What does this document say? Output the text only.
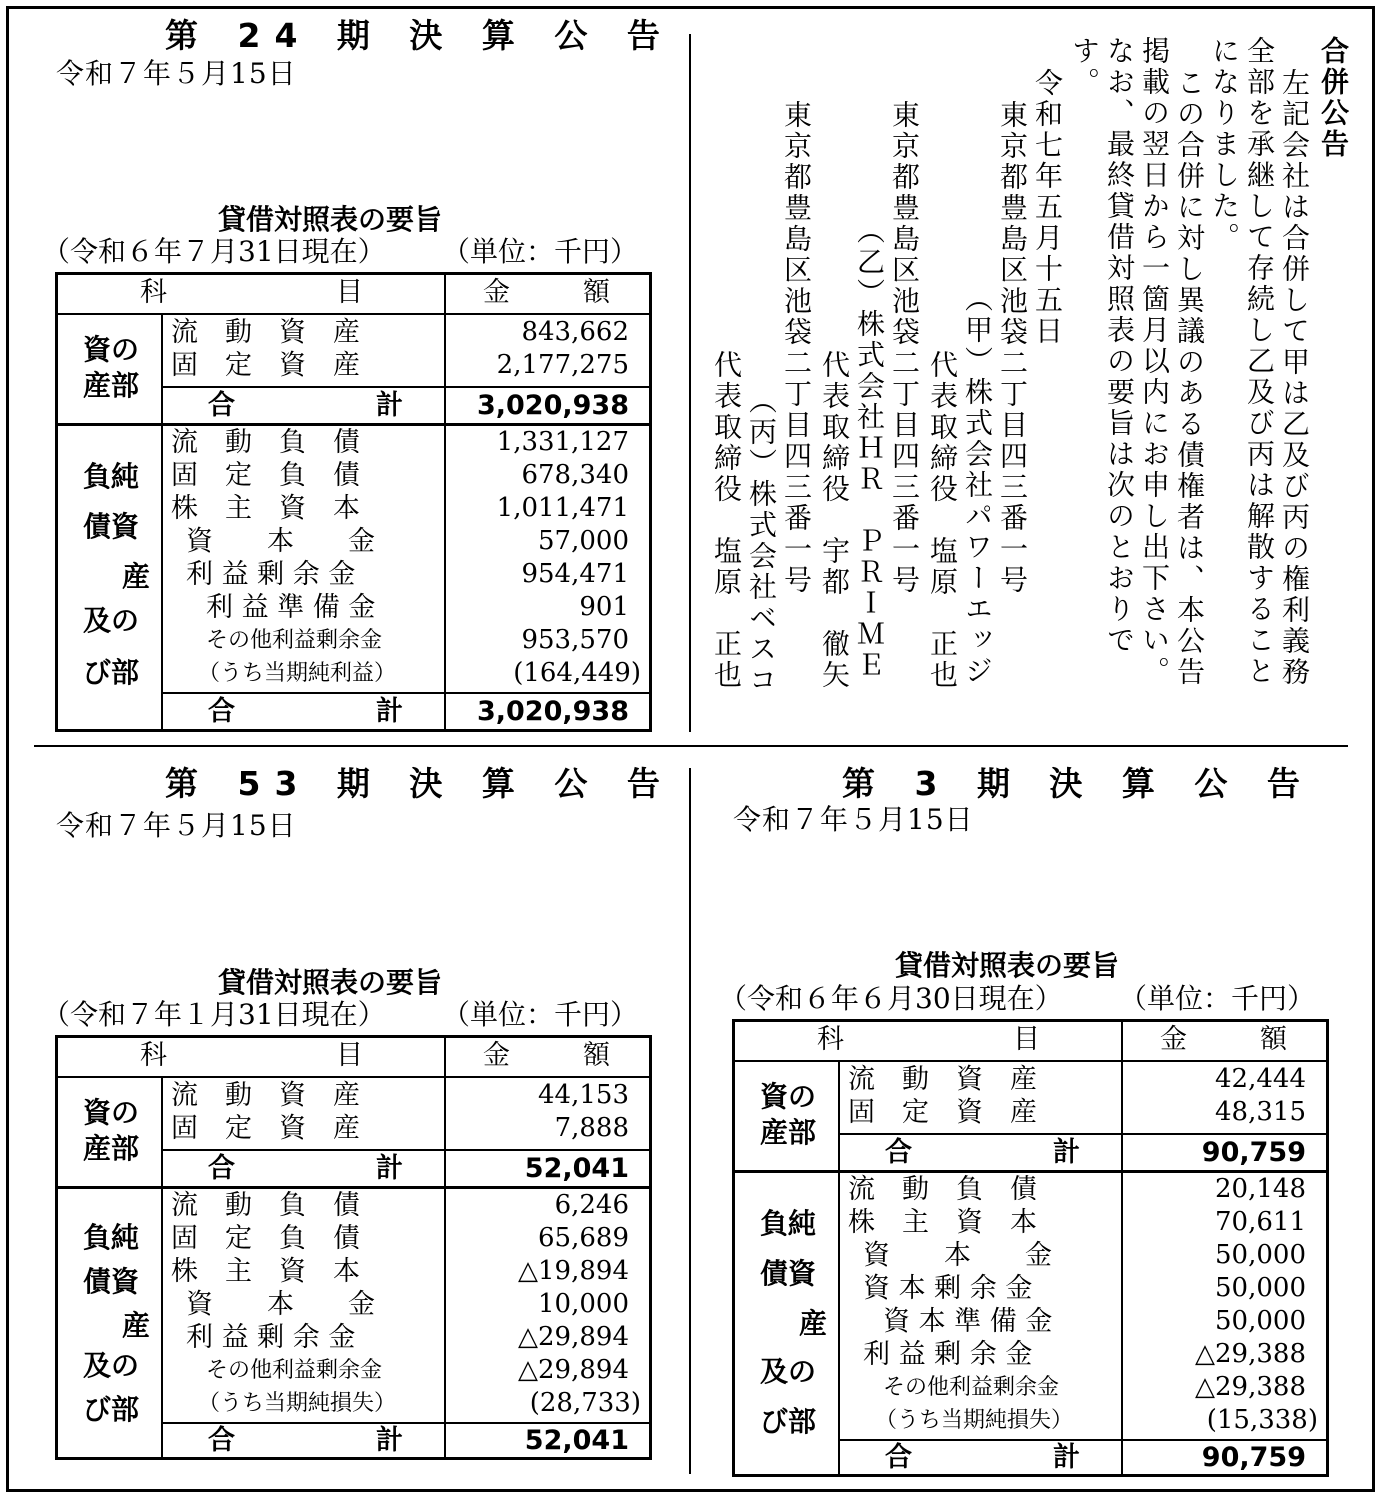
第 24 期 決 算 公 告
令和７年５月15日
貸借対照表の要旨
（令和６年７月31日現在） （単位：千円）
科	目	金	額
資の
産部
流　動　資　産	843,662
固　定　資　産	2,177,275
合	計	3,020,938
負純
債資
産
及の
び部
流　動　負　債	1,331,127
固　定　負　債	678,340
株　主　資　本	1,011,471
資　　本　　金	57,000
利 益 剰 余 金	954,471
利 益 準 備 金	901
その他利益剰余金	953,570
（うち当期純利益）	(164,449)
合	計	3,020,938
合併公告
左記会社は合併して甲は乙及び丙の権利義務
全部を承継して存続し乙及び丙は解散すること
になりました。
この合併に対し異議のある債権者は、本公告
掲載の翌日から一箇月以内にお申し出下さい。
なお、最終貸借対照表の要旨は次のとおりで
す。
令和七年五月十五日
東京都豊島区池袋二丁目四三番一号
（甲）株式会社パワーエッジ
代表取締役　塩原　正也
東京都豊島区池袋二丁目四三番一号
（乙）株式会社ＨＲ　ＰＲＩＭＥ
代表取締役　宇都　徹矢
東京都豊島区池袋二丁目四三番一号
（丙）株式会社ベスコ
代表取締役　塩原　正也
第 53 期 決 算 公 告
令和７年５月15日
貸借対照表の要旨
（令和７年１月31日現在） （単位：千円）
科	目	金	額
資の
産部
流　動　資　産	44,153
固　定　資　産	7,888
合	計	52,041
負純
債資
産
及の
び部
流　動　負　債	6,246
固　定　負　債	65,689
株　主　資　本	△19,894
資　　本　　金	10,000
利 益 剰 余 金	△29,894
その他利益剰余金	△29,894
（うち当期純損失）	(28,733)
合	計	52,041
第 3 期 決 算 公 告
令和７年５月15日
貸借対照表の要旨
（令和６年６月30日現在） （単位：千円）
科	目	金	額
資の
産部
流　動　資　産	42,444
固　定　資　産	48,315
合	計	90,759
負純
債資
産
及の
び部
流　動　負　債	20,148
株　主　資　本	70,611
資　　本　　金	50,000
資 本 剰 余 金	50,000
資 本 準 備 金	50,000
利 益 剰 余 金	△29,388
その他利益剰余金	△29,388
（うち当期純損失）	(15,338)
合	計	90,759
